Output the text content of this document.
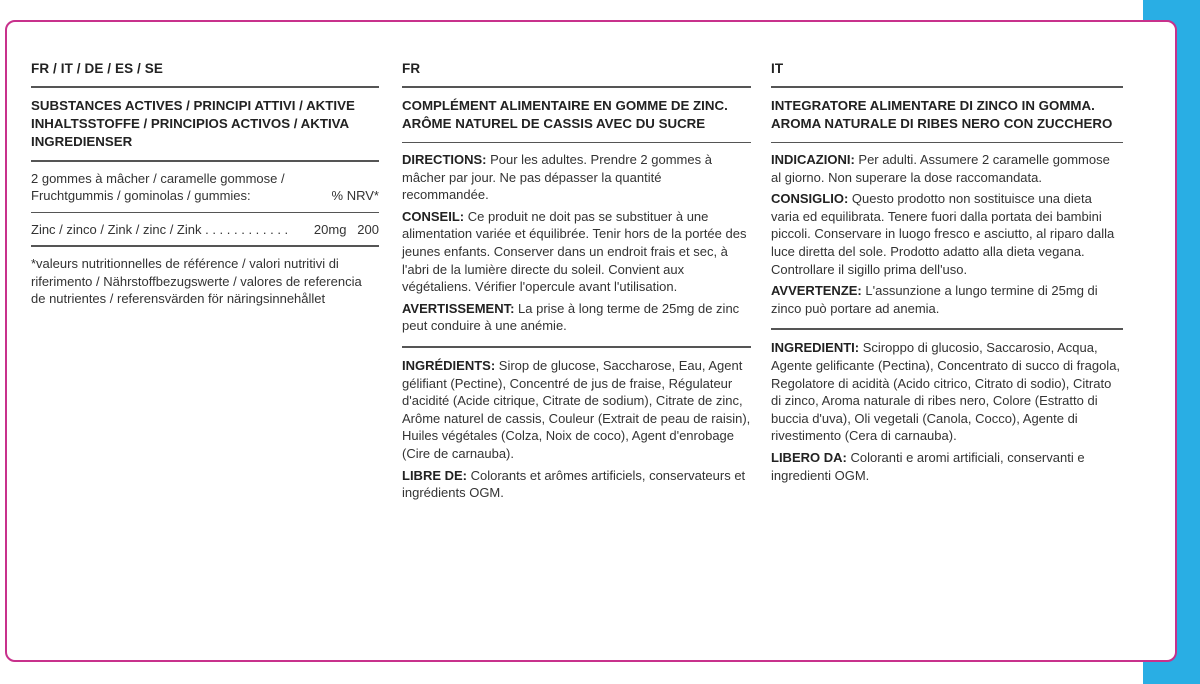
FR / IT / DE / ES / SE
SUBSTANCES ACTIVES / PRINCIPI ATTIVI / AKTIVE INHALTSSTOFFE / PRINCIPIOS ACTIVOS / AKTIVA INGREDIENSER
2 gommes à mâcher / caramelle gommose /
Fruchtgummis / gominolas / gummies:	% NRV*
Zinc / zinco / Zink / zinc / Zink . . . . . . . . . . . . 20mg 200
*valeurs nutritionnelles de référence / valori nutritivi di riferimento / Nährstoffbezugswerte / valores de referencia de nutrientes / referensvärden för näringsinnehållet
FR
COMPLÉMENT ALIMENTAIRE EN GOMME DE ZINC. ARÔME NATUREL DE CASSIS AVEC DU SUCRE
DIRECTIONS: Pour les adultes. Prendre 2 gommes à mâcher par jour. Ne pas dépasser la quantité recommandée.
CONSEIL: Ce produit ne doit pas se substituer à une alimentation variée et équilibrée. Tenir hors de la portée des jeunes enfants. Conserver dans un endroit frais et sec, à l'abri de la lumière directe du soleil. Convient aux végétaliens. Vérifier l'opercule avant l'utilisation.
AVERTISSEMENT: La prise à long terme de 25mg de zinc peut conduire à une anémie.
INGRÉDIENTS: Sirop de glucose, Saccharose, Eau, Agent gélifiant (Pectine), Concentré de jus de fraise, Régulateur d'acidité (Acide citrique, Citrate de sodium), Citrate de zinc, Arôme naturel de cassis, Couleur (Extrait de peau de raisin), Huiles végétales (Colza, Noix de coco), Agent d'enrobage (Cire de carnauba).
LIBRE DE: Colorants et arômes artificiels, conservateurs et ingrédients OGM.
IT
INTEGRATORE ALIMENTARE DI ZINCO IN GOMMA. AROMA NATURALE DI RIBES NERO CON ZUCCHERO
INDICAZIONI: Per adulti. Assumere 2 caramelle gommose al giorno. Non superare la dose raccomandata.
CONSIGLIO: Questo prodotto non sostituisce una dieta varia ed equilibrata. Tenere fuori dalla portata dei bambini piccoli. Conservare in luogo fresco e asciutto, al riparo dalla luce diretta del sole. Prodotto adatto alla dieta vegana. Controllare il sigillo prima dell'uso.
AVVERTENZE: L'assunzione a lungo termine di 25mg di zinco può portare ad anemia.
INGREDIENTI: Sciroppo di glucosio, Saccarosio, Acqua, Agente gelificante (Pectina), Concentrato di succo di fragola, Regolatore di acidità (Acido citrico, Citrato di sodio), Citrato di zinco, Aroma naturale di ribes nero, Colore (Estratto di buccia d'uva), Oli vegetali (Canola, Cocco), Agente di rivestimento (Cera di carnauba).
LIBERO DA: Coloranti e aromi artificiali, conservanti e ingredienti OGM.
